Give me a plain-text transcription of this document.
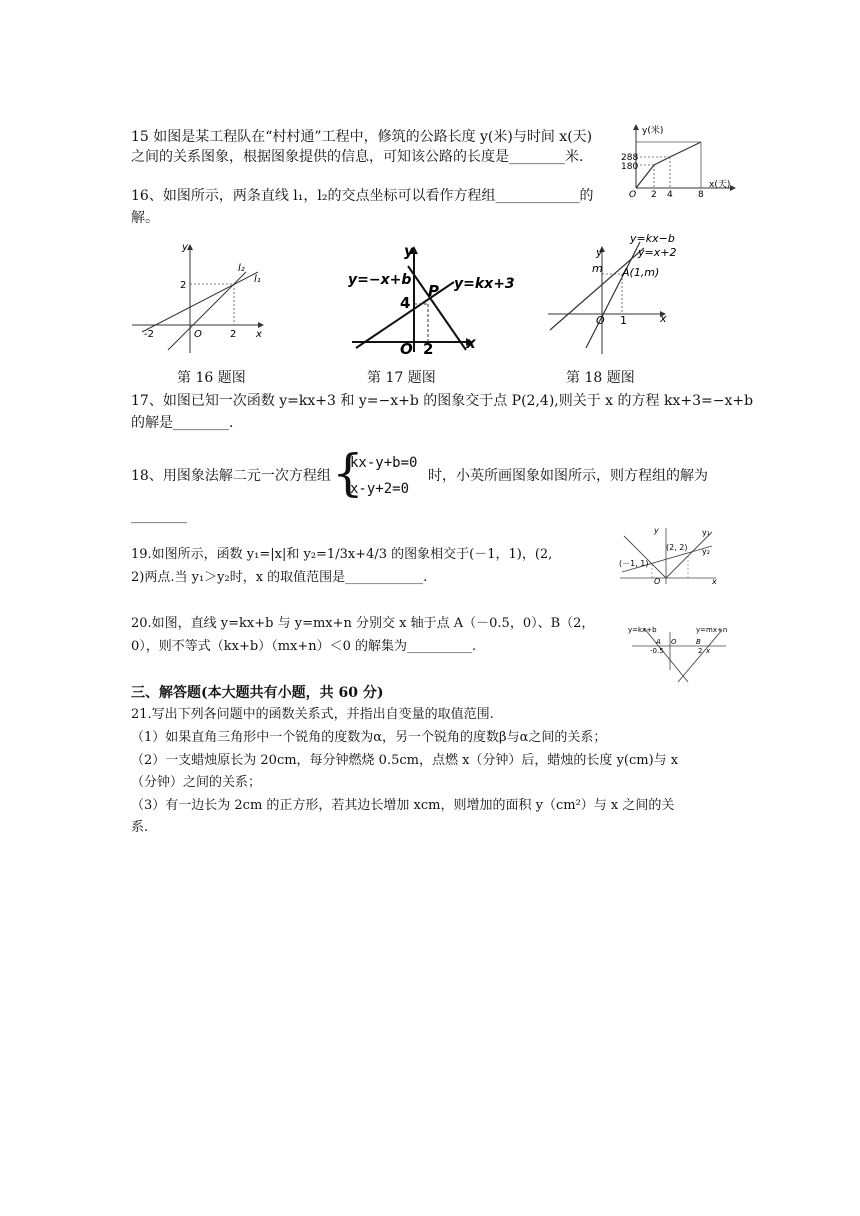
15 如图是某工程队在“村村通”工程中，修筑的公路长度 y(米)与时间 x(天)
之间的关系图象，根据图象提供的信息，可知该公路的长度是________米.
y(米)
x(天)
288
180
O 2 4	8
16、如图所示，两条直线 l₁，l₂的交点坐标可以看作方程组____________的
解。
y
x
O
l₂
l₁
2
-2	2
第 16 题图
y
x
O
4
2
P
y=−x+b	y=kx+3
第 17 题图
y
x
O
m
1
A(1,m)
y=kx−b
y=x+2
第 18 题图
17、如图已知一次函数 y=kx+3 和 y=−x+b 的图象交于点 P(2,4),则关于 x 的方程 kx+3=−x+b
的解是________.
18、用图象法解二元一次方程组 {
kx-y+b=0
x-y+2=0
时，小英所画图象如图所示，则方程组的解为
________
19.如图所示，函数 y₁=|x|和 y₂=1/3x+4/3 的图象相交于(－1，1)，(2,
2)两点.当 y₁＞y₂时，x 的取值范围是____________.
y
x
O
(2, 2)
(－1, 1)
y₁
y₂
20.如图，直线 y=kx+b 与 y=mx+n 分别交 x 轴于点 A（－0.5，0）、B（2，
0），则不等式（kx+b）（mx+n）＜0 的解集为__________.
y=kx+b	y=mx+n
A O	B
-0.5	2 x
三、解答题(本大题共有小题，共 60 分)
21.写出下列各问题中的函数关系式，并指出自变量的取值范围.
（1）如果直角三角形中一个锐角的度数为α，另一个锐角的度数β与α之间的关系；
（2）一支蜡烛原长为 20cm，每分钟燃烧 0.5cm，点燃 x（分钟）后，蜡烛的长度 y(cm)与 x
（分钟）之间的关系；
（3）有一边长为 2cm 的正方形，若其边长增加 xcm，则增加的面积 y（cm²）与 x 之间的关
系.
